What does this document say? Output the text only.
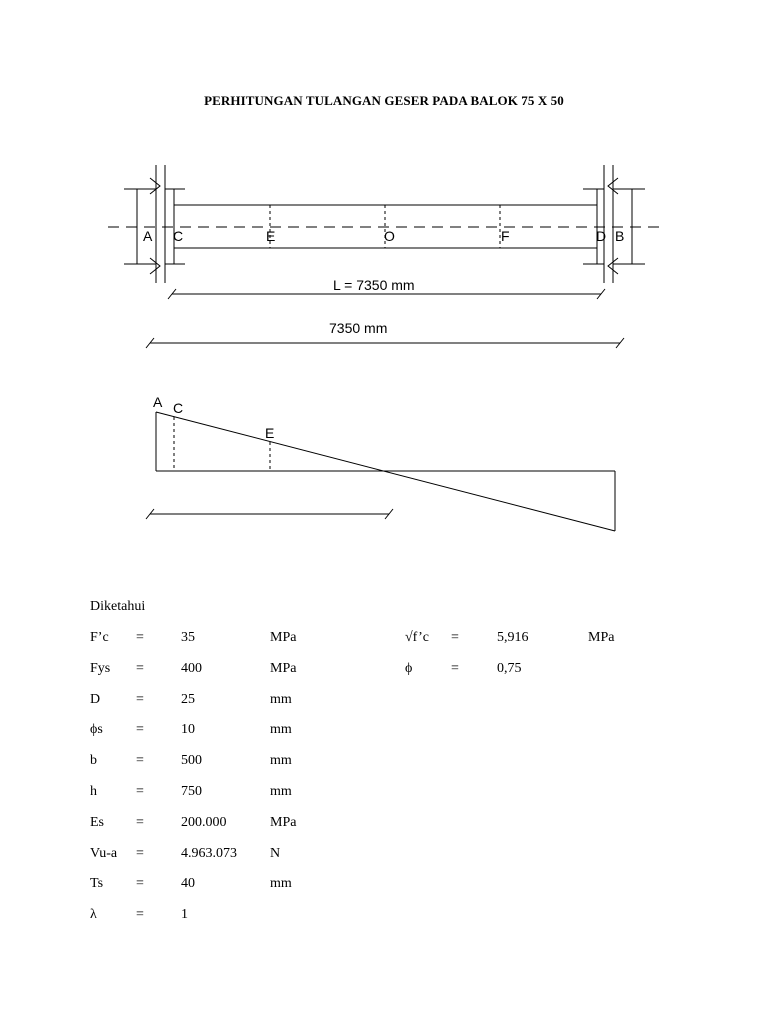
PERHITUNGAN TULANGAN GESER PADA BALOK 75 X 50
A C	E	O	F	D B
L = 7350 mm
7350 mm
A C
E
Diketahui
F’c =	35	MPa	√f’c =	5,916	MPa
Fys =	400	MPa	ϕ	=	0,75
D	=	25	mm
ϕs =	10	mm
b	=	500	mm
h	=	750	mm
Es =	200.000	MPa
Vu-a =	4.963.073 N
Ts =	40	mm
λ	=	1
